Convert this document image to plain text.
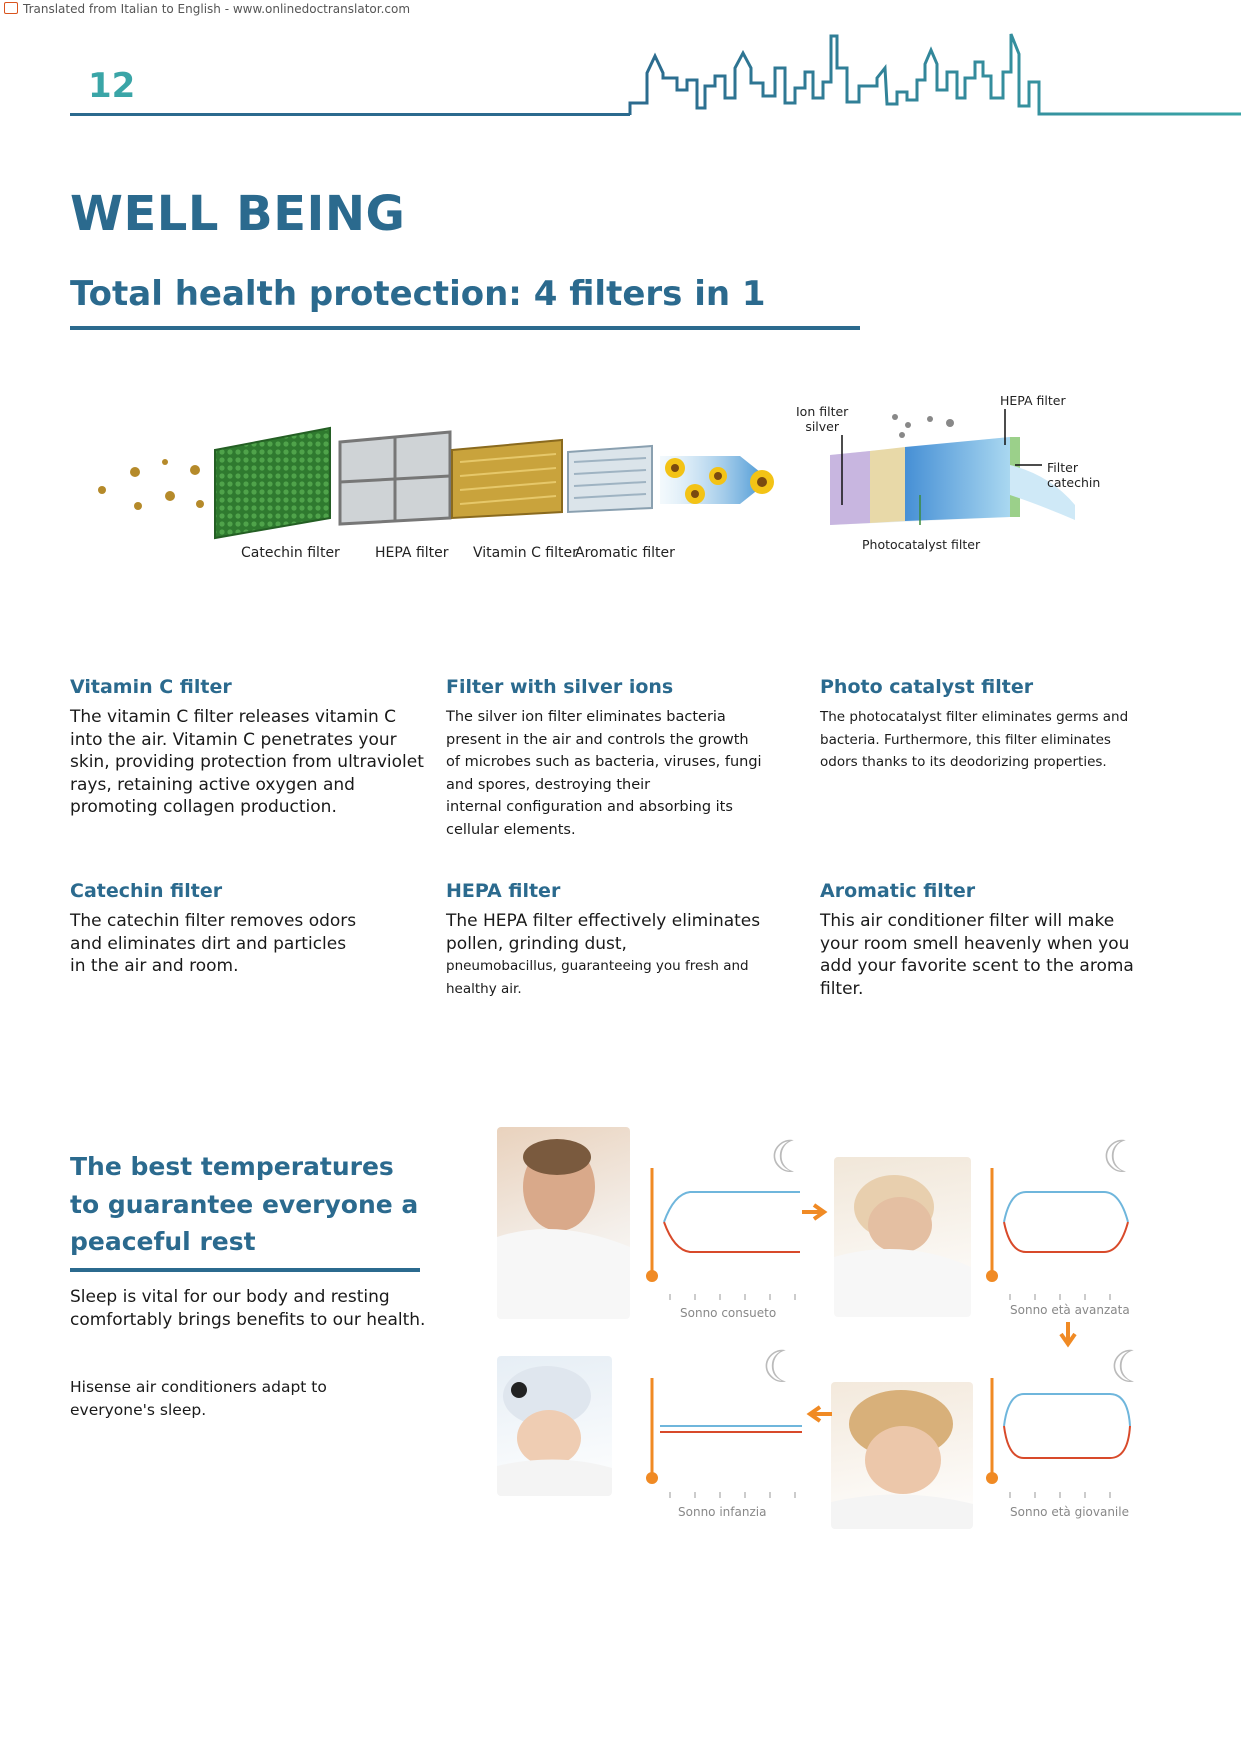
Translated from Italian to English - www.onlinedoctranslator.com
12
WELL BEING
Total health protection: 4 filters in 1
Catechin filter	HEPA filter Vitamin C filter
Aromatic filter
Ion filter
silver
HEPA filter
Filter
catechin
Photocatalyst filter
Vitamin C filter
The vitamin C filter releases vitamin C
into the air. Vitamin C penetrates your
skin, providing protection from ultraviolet
rays, retaining active oxygen and
promoting collagen production.
Filter with silver ions
The silver ion filter eliminates bacteria
present in the air and controls the growth
of microbes such as bacteria, viruses, fungi
and spores, destroying their
internal configuration and absorbing its
cellular elements.
Photo catalyst filter
The photocatalyst filter eliminates germs and
bacteria. Furthermore, this filter eliminates
odors thanks to its deodorizing properties.
Catechin filter
The catechin filter removes odors
and eliminates dirt and particles
in the air and room.
HEPA filter
The HEPA filter effectively eliminates
pollen, grinding dust,
pneumobacillus, guaranteeing you fresh and
healthy air.
Aromatic filter
This air conditioner filter will make
your room smell heavenly when you
add your favorite scent to the aroma
filter.
The best temperatures
to guarantee everyone a
peaceful rest
Sleep is vital for our body and resting
comfortably brings benefits to our health.
Hisense air conditioners adapt to
everyone's sleep.
☾
Sonno consueto
☾
Sonno età avanzata
☾
Sonno infanzia
☾
Sonno età giovanile
